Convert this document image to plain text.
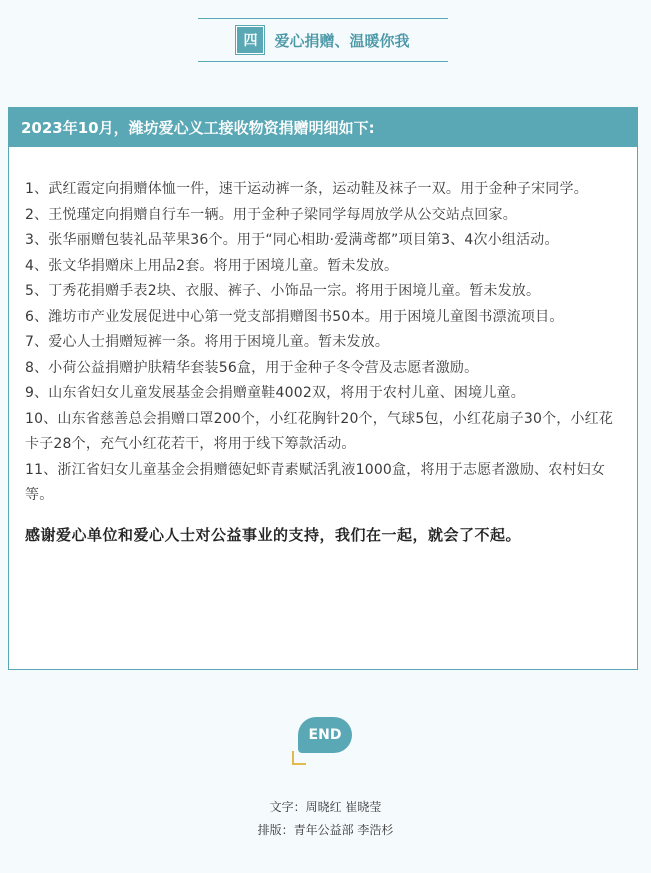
四	爱心捐赠、温暖你我
2023年10月，潍坊爱心义工接收物资捐赠明细如下:

1、武红霞定向捐赠体恤一件，速干运动裤一条，运动鞋及袜子一双。用于金种子宋同学。

2、王悦瑾定向捐赠自行车一辆。用于金种子梁同学每周放学从公交站点回家。

3、张华丽赠包装礼品苹果36个。用于“同心相助·爱满鸢都”项目第3、4次小组活动。

4、张文华捐赠床上用品2套。将用于困境儿童。暂未发放。

5、丁秀花捐赠手表2块、衣服、裤子、小饰品一宗。将用于困境儿童。暂未发放。

6、潍坊市产业发展促进中心第一党支部捐赠图书50本。用于困境儿童图书漂流项目。

7、爱心人士捐赠短裤一条。将用于困境儿童。暂未发放。

8、小荷公益捐赠护肤精华套装56盒，用于金种子冬令营及志愿者激励。

9、山东省妇女儿童发展基金会捐赠童鞋4002双，将用于农村儿童、困境儿童。

10、山东省慈善总会捐赠口罩200个，小红花胸针20个，气球5包，小红花扇子30个，小红花卡子28个，充气小红花若干，将用于线下筹款活动。

11、浙江省妇女儿童基金会捐赠德妃虾青素赋活乳液1000盒，将用于志愿者激励、农村妇女等。

感谢爱心单位和爱心人士对公益事业的支持，我们在一起，就会了不起。

END
文字：周晓红 崔晓莹
排版：青年公益部 李浩杉
